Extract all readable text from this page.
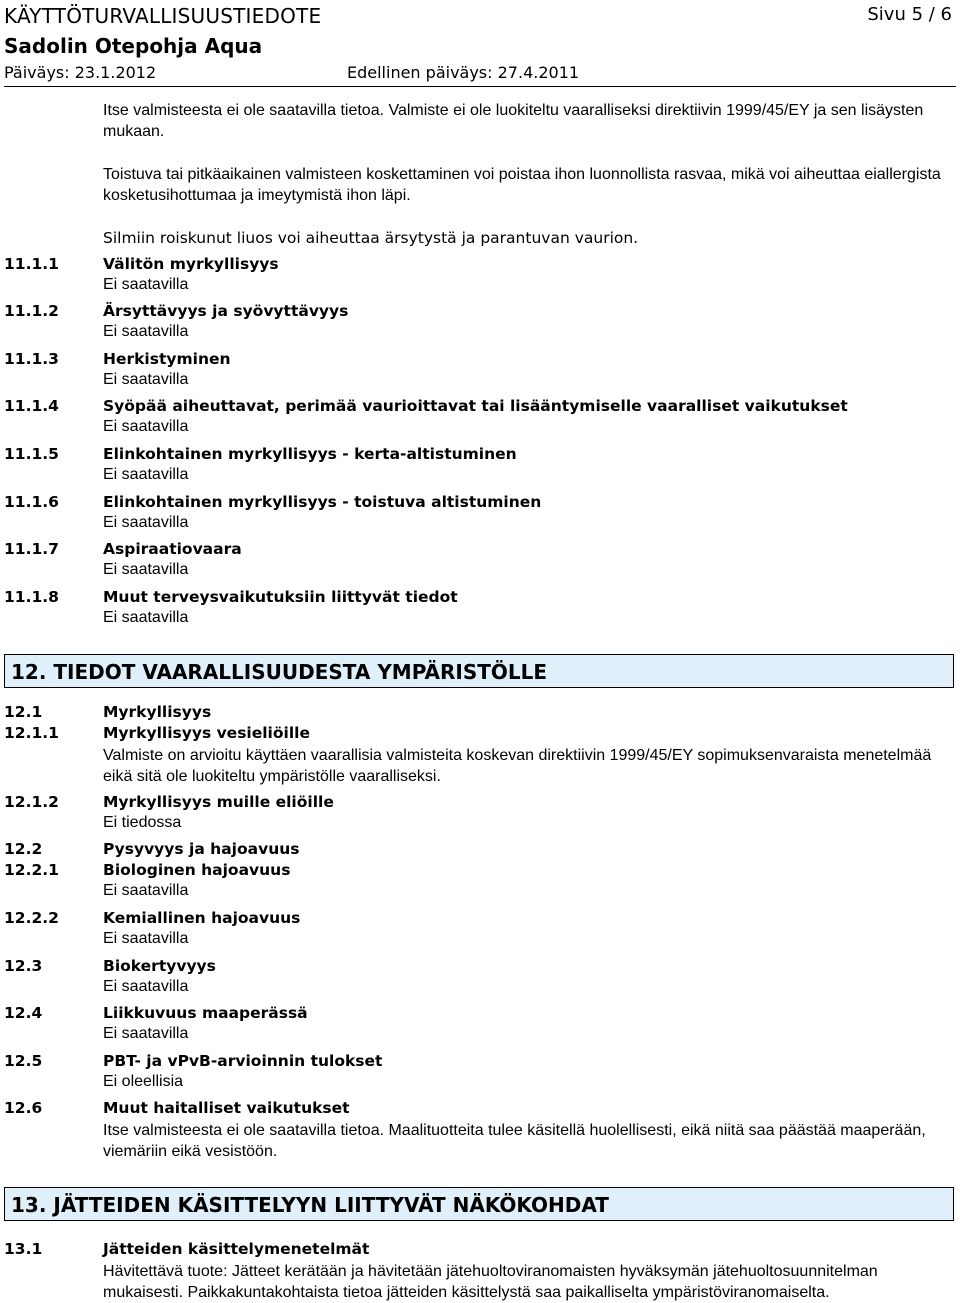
KÄYTTÖTURVALLISUUSTIEDOTE	Sivu 5 / 6
Sadolin Otepohja Aqua
Päiväys: 23.1.2012	Edellinen päiväys: 27.4.2011
Itse valmisteesta ei ole saatavilla tietoa. Valmiste ei ole luokiteltu vaaralliseksi direktiivin 1999/45/EY ja sen lisäysten mukaan.
Toistuva tai pitkäaikainen valmisteen koskettaminen voi poistaa ihon luonnollista rasvaa, mikä voi aiheuttaa eiallergista kosketusihottumaa ja imeytymistä ihon läpi.
Silmiin roiskunut liuos voi aiheuttaa ärsytystä ja parantuvan vaurion.
11.1.1	Välitön myrkyllisyys
Ei saatavilla
11.1.2	Ärsyttävyys ja syövyttävyys
Ei saatavilla
11.1.3	Herkistyminen
Ei saatavilla
11.1.4	Syöpää aiheuttavat, perimää vaurioittavat tai lisääntymiselle vaaralliset vaikutukset
Ei saatavilla
11.1.5	Elinkohtainen myrkyllisyys - kerta-altistuminen
Ei saatavilla
11.1.6	Elinkohtainen myrkyllisyys - toistuva altistuminen
Ei saatavilla
11.1.7	Aspiraatiovaara
Ei saatavilla
11.1.8	Muut terveysvaikutuksiin liittyvät tiedot
Ei saatavilla
12. TIEDOT VAARALLISUUDESTA YMPÄRISTÖLLE
12.1	Myrkyllisyys
12.1.1	Myrkyllisyys vesieliöille
Valmiste on arvioitu käyttäen vaarallisia valmisteita koskevan direktiivin 1999/45/EY sopimuksenvaraista menetelmää eikä sitä ole luokiteltu ympäristölle vaaralliseksi.
12.1.2	Myrkyllisyys muille eliöille
Ei tiedossa
12.2	Pysyvyys ja hajoavuus
12.2.1	Biologinen hajoavuus
Ei saatavilla
12.2.2	Kemiallinen hajoavuus
Ei saatavilla
12.3	Biokertyvyys
Ei saatavilla
12.4	Liikkuvuus maaperässä
Ei saatavilla
12.5	PBT- ja vPvB-arvioinnin tulokset
Ei oleellisia
12.6	Muut haitalliset vaikutukset
Itse valmisteesta ei ole saatavilla tietoa. Maalituotteita tulee käsitellä huolellisesti, eikä niitä saa päästää maaperään, viemäriin eikä vesistöön.
13. JÄTTEIDEN KÄSITTELYYN LIITTYVÄT NÄKÖKOHDAT
13.1	Jätteiden käsittelymenetelmät
Hävitettävä tuote: Jätteet kerätään ja hävitetään jätehuoltoviranomaisten hyväksymän jätehuoltosuunnitelman mukaisesti. Paikkakuntakohtaista tietoa jätteiden käsittelystä saa paikalliselta ympäristöviranomaiselta.
